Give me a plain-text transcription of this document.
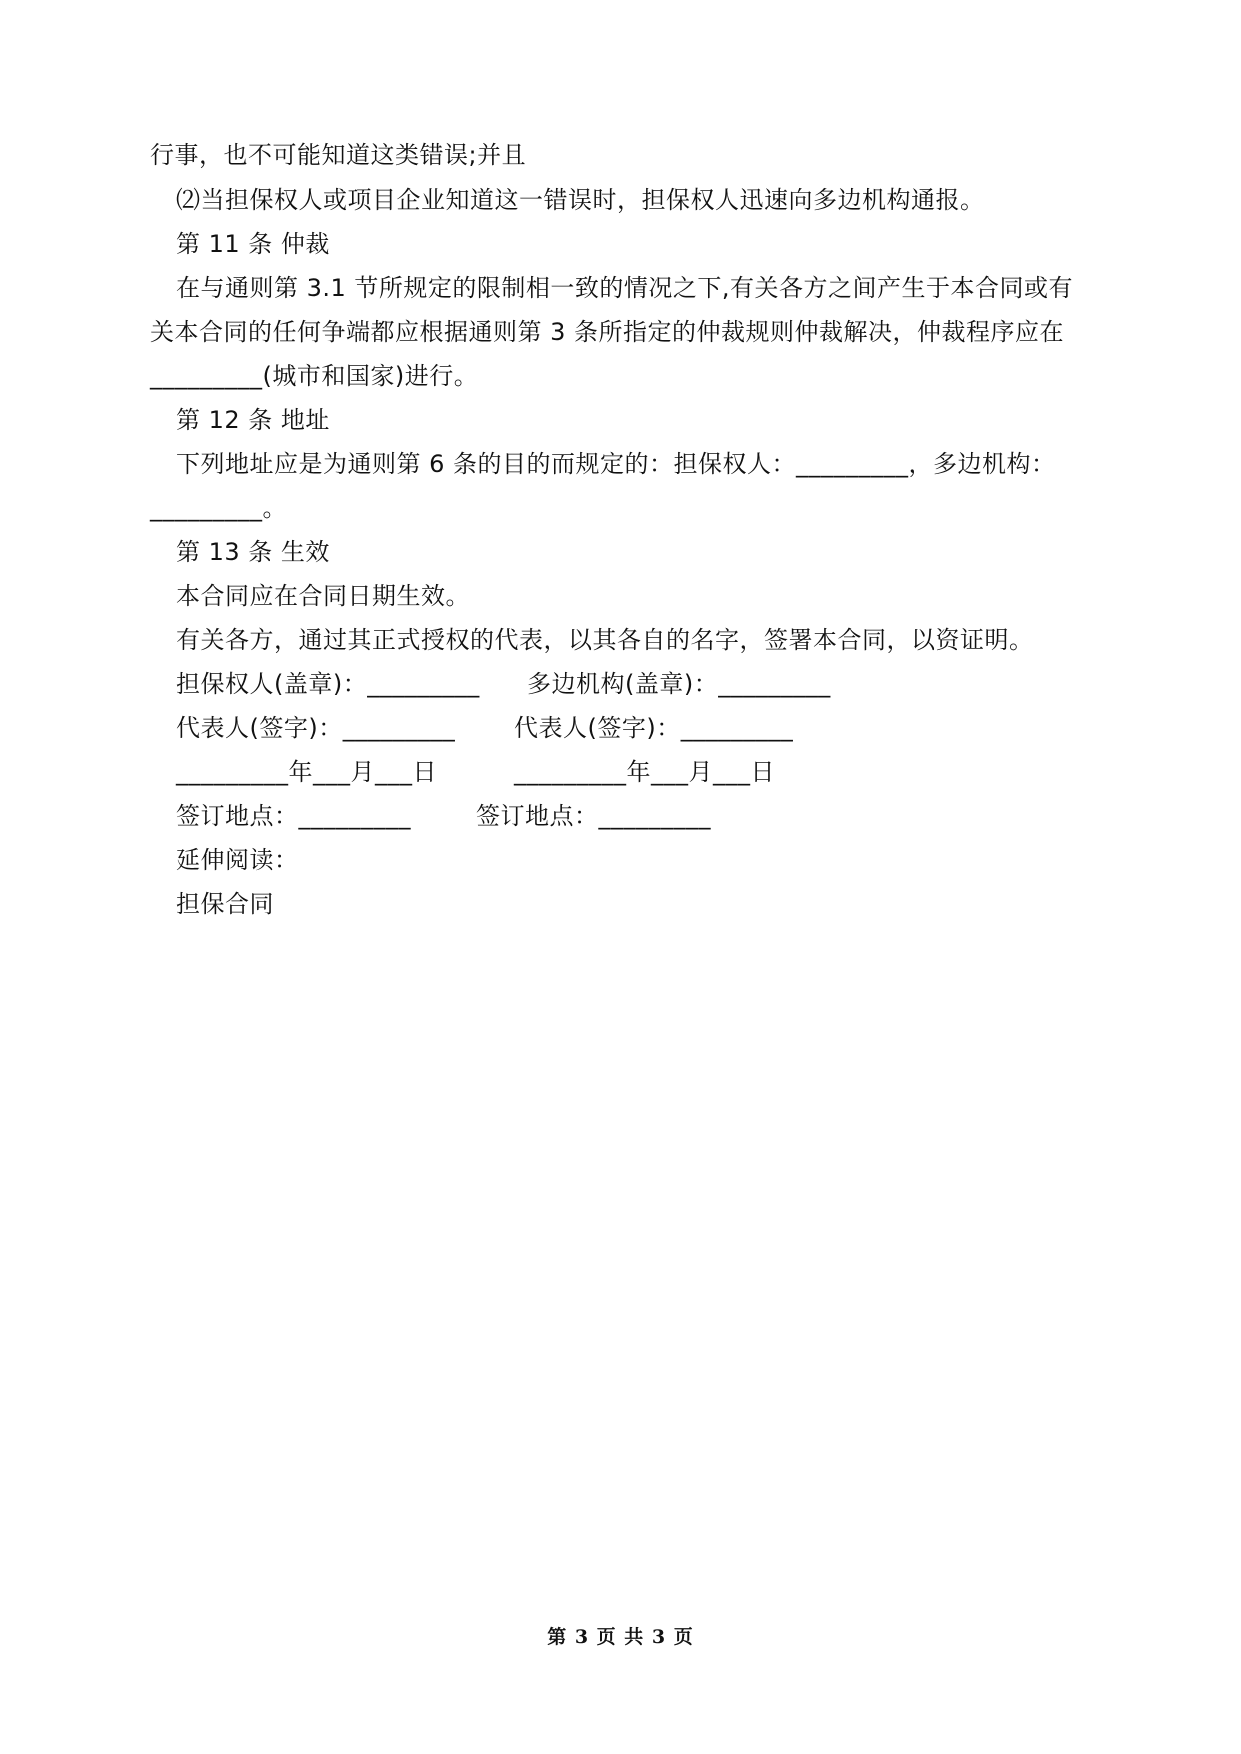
行事，也不可能知道这类错误;并且
⑵当担保权人或项目企业知道这一错误时，担保权人迅速向多边机构通报。
第 11 条 仲裁
在与通则第 3.1 节所规定的限制相一致的情况之下,有关各方之间产生于本合同或有
关本合同的任何争端都应根据通则第 3 条所指定的仲裁规则仲裁解决，仲裁程序应在
_________(城市和国家)进行。
第 12 条 地址
下列地址应是为通则第 6 条的目的而规定的：担保权人：_________，多边机构：
_________。
第 13 条 生效
本合同应在合同日期生效。
有关各方，通过其正式授权的代表，以其各自的名字，签署本合同，以资证明。
担保权人(盖章)：_________ 多边机构(盖章)：_________
代表人(签字)：_________ 代表人(签字)：_________
_________年___月___日	_________年___月___日
签订地点：_________	签订地点：_________
延伸阅读：
担保合同
第 3 页 共 3 页
